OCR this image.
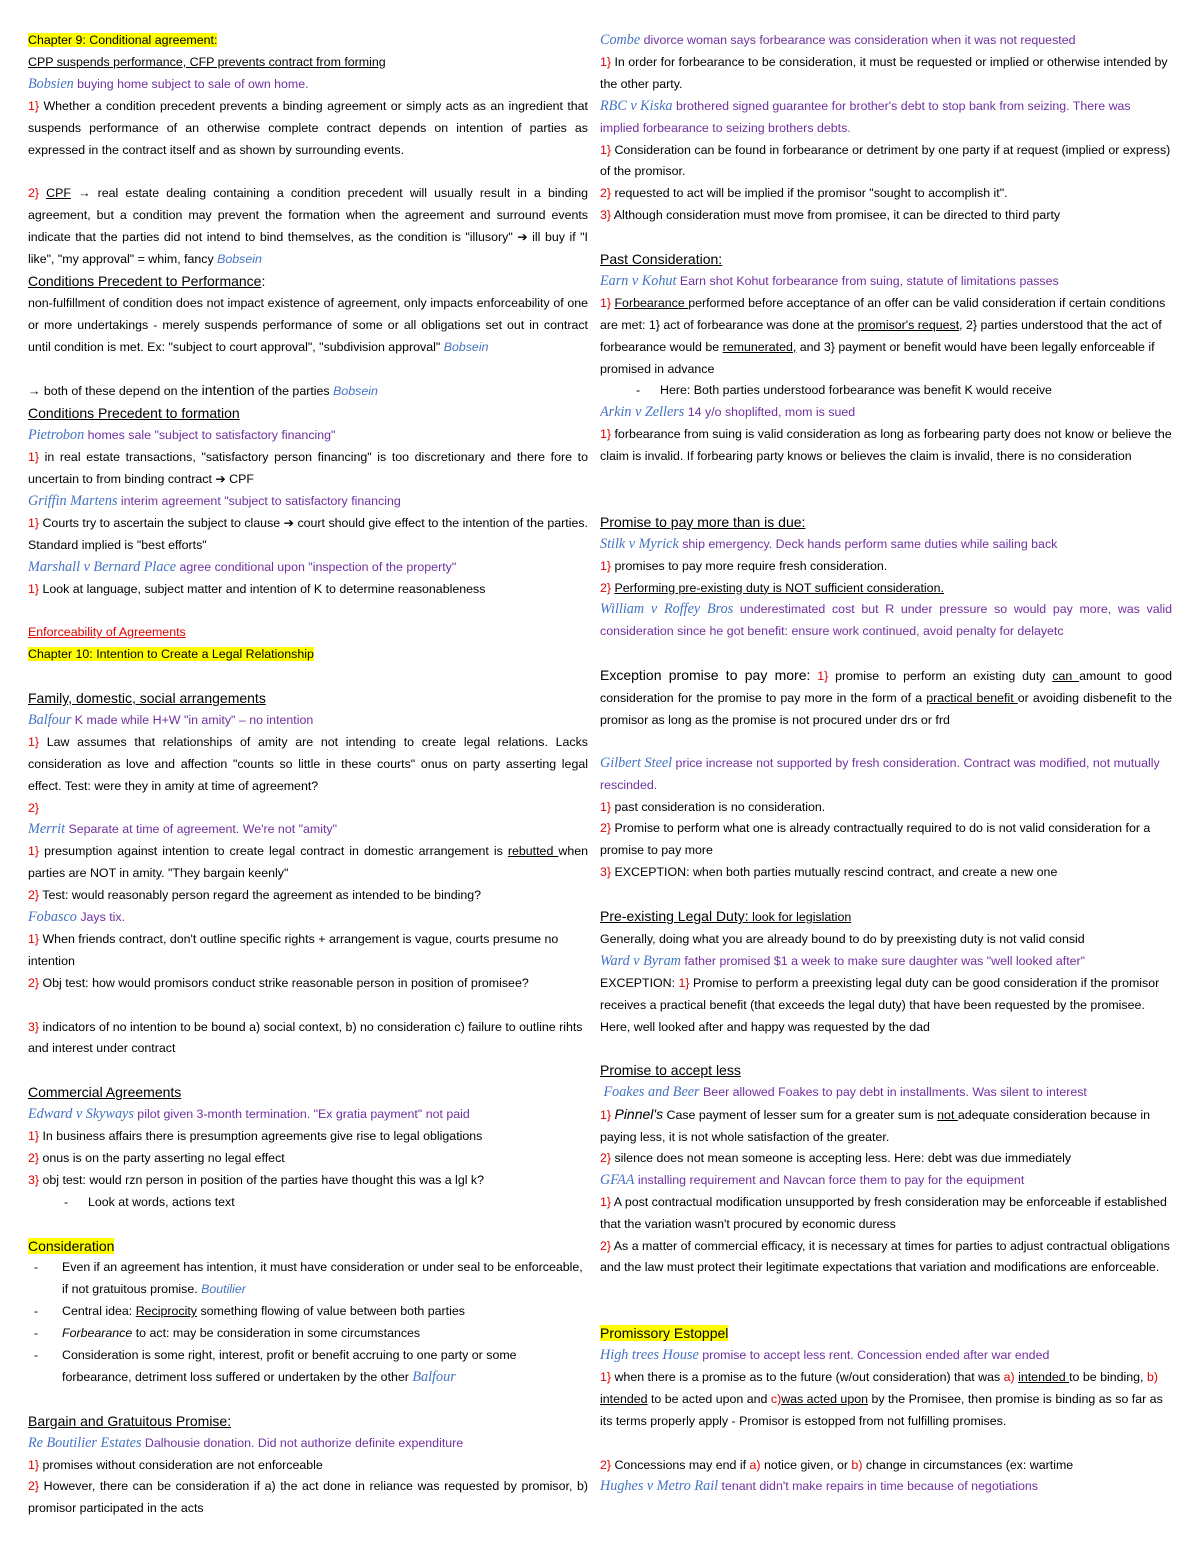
Chapter 9: Conditional agreement:
CPP suspends performance, CFP prevents contract from forming
Bobsien buying home subject to sale of own home.
1} Whether a condition precedent prevents a binding agreement or simply acts as an ingredient that suspends performance of an otherwise complete contract depends on intention of parties as expressed in the contract itself and as shown by surrounding events.
2} CPF → real estate dealing containing a condition precedent will usually result in a binding agreement, but a condition may prevent the formation when the agreement and surround events indicate that the parties did not intend to bind themselves, as the condition is "illusory" ➔ ill buy if "I like", "my approval" = whim, fancy Bobsein
Conditions Precedent to Performance:
non-fulfillment of condition does not impact existence of agreement, only impacts enforceability of one or more undertakings - merely suspends performance of some or all obligations set out in contract until condition is met. Ex: "subject to court approval", "subdivision approval" Bobsein
→ both of these depend on the intention of the parties Bobsein
Conditions Precedent to formation
Pietrobon homes sale "subject to satisfactory financing"
1} in real estate transactions, "satisfactory person financing" is too discretionary and there fore to uncertain to from binding contract ➔ CPF
Griffin Martens interim agreement "subject to satisfactory financing
1} Courts try to ascertain the subject to clause ➔ court should give effect to the intention of the parties. Standard implied is "best efforts"
Marshall v Bernard Place agree conditional upon "inspection of the property"
1} Look at language, subject matter and intention of K to determine reasonableness
Enforceability of Agreements
Chapter 10: Intention to Create a Legal Relationship
Family, domestic, social arrangements
Balfour K made while H+W "in amity" – no intention
1} Law assumes that relationships of amity are not intending to create legal relations. Lacks consideration as love and affection "counts so little in these courts" onus on party asserting legal effect. Test: were they in amity at time of agreement?
2}
Merrit Separate at time of agreement. We're not "amity"
1} presumption against intention to create legal contract in domestic arrangement is rebutted when parties are NOT in amity. "They bargain keenly"
2} Test: would reasonably person regard the agreement as intended to be binding?
Fobasco Jays tix.
1} When friends contract, don't outline specific rights + arrangement is vague, courts presume no intention
2} Obj test: how would promisors conduct strike reasonable person in position of promisee?
3} indicators of no intention to be bound a) social context, b) no consideration c) failure to outline rihts and interest under contract
Commercial Agreements
Edward v Skyways pilot given 3-month termination. "Ex gratia payment" not paid
1} In business affairs there is presumption agreements give rise to legal obligations
2} onus is on the party asserting no legal effect
3} obj test: would rzn person in position of the parties have thought this was a lgl k?
- Look at words, actions text
Consideration
- Even if an agreement has intention, it must have consideration or under seal to be enforceable, if not gratuitous promise. Boutilier
- Central idea: Reciprocity something flowing of value between both parties
- Forbearance to act: may be consideration in some circumstances
- Consideration is some right, interest, profit or benefit accruing to one party or some forbearance, detriment loss suffered or undertaken by the other Balfour
Bargain and Gratuitous Promise:
Re Boutilier Estates Dalhousie donation. Did not authorize definite expenditure
1} promises without consideration are not enforceable
2} However, there can be consideration if a) the act done in reliance was requested by promisor, b) promisor participated in the acts
Combe divorce woman says forbearance was consideration when it was not requested
1} In order for forbearance to be consideration, it must be requested or implied or otherwise intended by the other party.
RBC v Kiska brothered signed guarantee for brother's debt to stop bank from seizing. There was implied forbearance to seizing brothers debts.
1} Consideration can be found in forbearance or detriment by one party if at request (implied or express) of the promisor.
2} requested to act will be implied if the promisor "sought to accomplish it".
3} Although consideration must move from promisee, it can be directed to third party
Past Consideration:
Earn v Kohut Earn shot Kohut forbearance from suing, statute of limitations passes
1} Forbearance performed before acceptance of an offer can be valid consideration if certain conditions are met: 1} act of forbearance was done at the promisor's request, 2} parties understood that the act of forbearance would be remunerated, and 3} payment or benefit would have been legally enforceable if promised in advance
- Here: Both parties understood forbearance was benefit K would receive
Arkin v Zellers 14 y/o shoplifted, mom is sued
1} forbearance from suing is valid consideration as long as forbearing party does not know or believe the claim is invalid. If forbearing party knows or believes the claim is invalid, there is no consideration
Promise to pay more than is due:
Stilk v Myrick ship emergency. Deck hands perform same duties while sailing back
1} promises to pay more require fresh consideration.
2} Performing pre-existing duty is NOT sufficient consideration.
William v Roffey Bros underestimated cost but R under pressure so would pay more, was valid consideration since he got benefit: ensure work continued, avoid penalty for delayetc
Exception promise to pay more: 1} promise to perform an existing duty can amount to good consideration for the promise to pay more in the form of a practical benefit or avoiding disbenefit to the promisor as long as the promise is not procured under drs or frd
Gilbert Steel price increase not supported by fresh consideration. Contract was modified, not mutually rescinded.
1} past consideration is no consideration.
2} Promise to perform what one is already contractually required to do is not valid consideration for a promise to pay more
3} EXCEPTION: when both parties mutually rescind contract, and create a new one
Pre-existing Legal Duty: look for legislation
Generally, doing what you are already bound to do by preexisting duty is not valid consid
Ward v Byram father promised $1 a week to make sure daughter was "well looked after"
EXCEPTION: 1} Promise to perform a preexisting legal duty can be good consideration if the promisor receives a practical benefit (that exceeds the legal duty) that have been requested by the promisee. Here, well looked after and happy was requested by the dad
Promise to accept less
Foakes and Beer Beer allowed Foakes to pay debt in installments. Was silent to interest
1} Pinnel's Case payment of lesser sum for a greater sum is not adequate consideration because in paying less, it is not whole satisfaction of the greater.
2} silence does not mean someone is accepting less. Here: debt was due immediately
GFAA installing requirement and Navcan force them to pay for the equipment
1} A post contractual modification unsupported by fresh consideration may be enforceable if established that the variation wasn't procured by economic duress
2} As a matter of commercial efficacy, it is necessary at times for parties to adjust contractual obligations and the law must protect their legitimate expectations that variation and modifications are enforceable.
Promissory Estoppel
High trees House promise to accept less rent. Concession ended after war ended
1} when there is a promise as to the future (w/out consideration) that was a) intended to be binding, b) intended to be acted upon and c)was acted upon by the Promisee, then promise is binding as so far as its terms properly apply - Promisor is estopped from not fulfilling promises.
2} Concessions may end if a) notice given, or b) change in circumstances (ex: wartime
Hughes v Metro Rail tenant didn't make repairs in time because of negotiations
